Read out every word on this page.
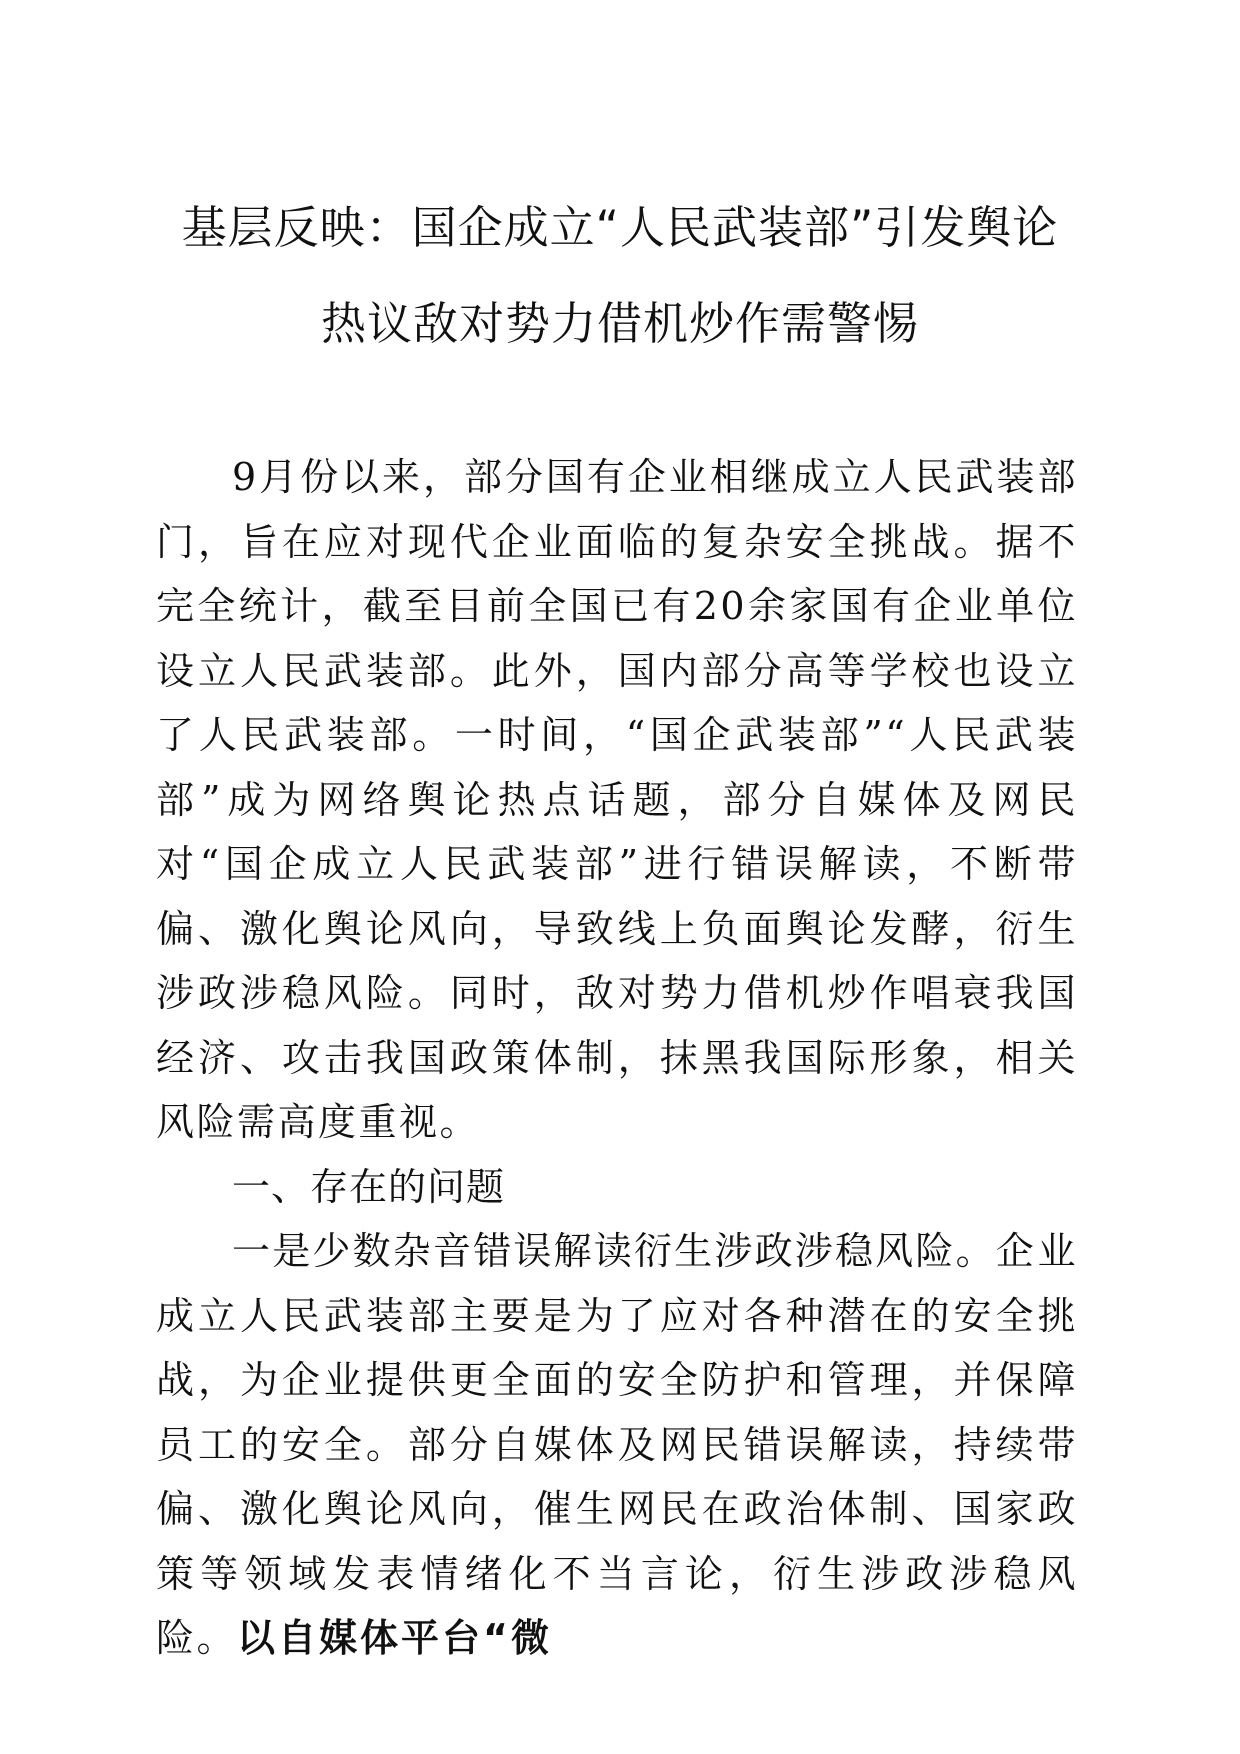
基层反映：国企成立“人民武装部”引发舆论
热议敌对势力借机炒作需警惕

9月份以来，部分国有企业相继成立人民武装部门，旨在应对现代企业面临的复杂安全挑战。据不完全统计，截至目前全国已有20余家国有企业单位设立人民武装部。此外，国内部分高等学校也设立了人民武装部。一时间，“国企武装部”“人民武装部”成为网络舆论热点话题，部分自媒体及网民对“国企成立人民武装部”进行错误解读，不断带偏、激化舆论风向，导致线上负面舆论发酵，衍生涉政涉稳风险。同时，敌对势力借机炒作唱衰我国经济、攻击我国政策体制，抹黑我国际形象，相关风险需高度重视。

一、存在的问题

一是少数杂音错误解读衍生涉政涉稳风险。企业成立人民武装部主要是为了应对各种潜在的安全挑战，为企业提供更全面的安全防护和管理，并保障员工的安全。部分自媒体及网民错误解读，持续带偏、激化舆论风向，催生网民在政治体制、国家政策等领域发表情绪化不当言论，衍生涉政涉稳风险。以自媒体平台“微
